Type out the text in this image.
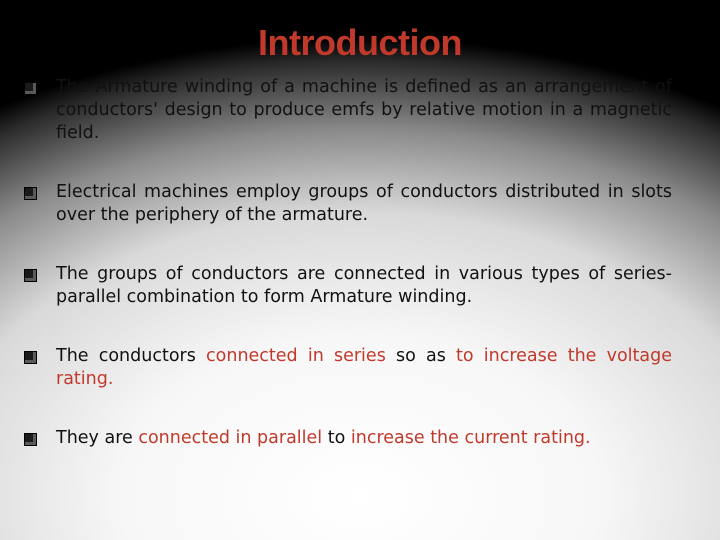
Introduction
The Armature winding of a machine is defined as an arrangement of conductors' design to produce emfs by relative motion in a magnetic field.
Electrical machines employ groups of conductors distributed in slots over the periphery of the armature.
The groups of conductors are connected in various types of series-parallel combination to form Armature winding.
The conductors connected in series so as to increase the voltage rating.
They are connected in parallel to increase the current rating.
